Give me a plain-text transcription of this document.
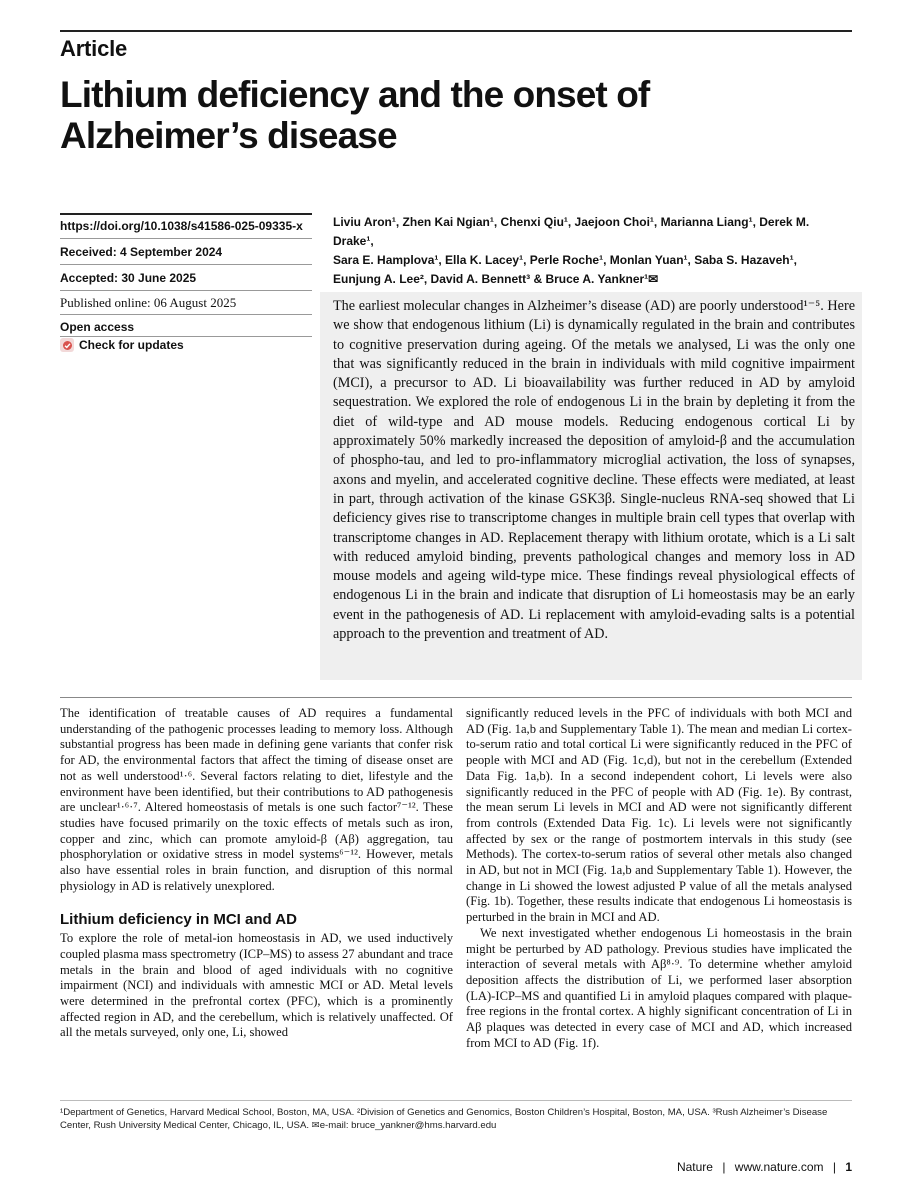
Article
Lithium deficiency and the onset of Alzheimer’s disease
https://doi.org/10.1038/s41586-025-09335-x
Received: 4 September 2024
Accepted: 30 June 2025
Published online: 06 August 2025
Open access
Check for updates
Liviu Aron¹, Zhen Kai Ngian¹, Chenxi Qiu¹, Jaejoon Choi¹, Marianna Liang¹, Derek M. Drake¹,
Sara E. Hamplova¹, Ella K. Lacey¹, Perle Roche¹, Monlan Yuan¹, Saba S. Hazaveh¹,
Eunjung A. Lee², David A. Bennett³ & Bruce A. Yankner¹✉
The earliest molecular changes in Alzheimer’s disease (AD) are poorly understood¹⁻⁵. Here we show that endogenous lithium (Li) is dynamically regulated in the brain and contributes to cognitive preservation during ageing. Of the metals we analysed, Li was the only one that was significantly reduced in the brain in individuals with mild cognitive impairment (MCI), a precursor to AD. Li bioavailability was further reduced in AD by amyloid sequestration. We explored the role of endogenous Li in the brain by depleting it from the diet of wild-type and AD mouse models. Reducing endogenous cortical Li by approximately 50% markedly increased the deposition of amyloid-β and the accumulation of phospho-tau, and led to pro-inflammatory microglial activation, the loss of synapses, axons and myelin, and accelerated cognitive decline. These effects were mediated, at least in part, through activation of the kinase GSK3β. Single-nucleus RNA-seq showed that Li deficiency gives rise to transcriptome changes in multiple brain cell types that overlap with transcriptome changes in AD. Replacement therapy with lithium orotate, which is a Li salt with reduced amyloid binding, prevents pathological changes and memory loss in AD mouse models and ageing wild-type mice. These findings reveal physiological effects of endogenous Li in the brain and indicate that disruption of Li homeostasis may be an early event in the pathogenesis of AD. Li replacement with amyloid-evading salts is a potential approach to the prevention and treatment of AD.

The identification of treatable causes of AD requires a fundamental understanding of the pathogenic processes leading to memory loss. Although substantial progress has been made in defining gene variants that confer risk for AD, the environmental factors that affect the timing of disease onset are not as well understood¹·⁶. Several factors relating to diet, lifestyle and the environment have been identified, but their contributions to AD pathogenesis are unclear¹·⁶·⁷. Altered homeostasis of metals is one such factor⁷⁻¹². These studies have focused primarily on the toxic effects of metals such as iron, copper and zinc, which can promote amyloid-β (Aβ) aggregation, tau phosphorylation or oxidative stress in model systems⁶⁻¹². However, metals also have essential roles in brain function, and disruption of this normal physiology in AD is relatively unexplored.

Lithium deficiency in MCI and AD

To explore the role of metal-ion homeostasis in AD, we used inductively coupled plasma mass spectrometry (ICP–MS) to assess 27 abundant and trace metals in the brain and blood of aged individuals with no cognitive impairment (NCI) and individuals with amnestic MCI or AD. Metal levels were determined in the prefrontal cortex (PFC), which is a prominently affected region in AD, and the cerebellum, which is relatively unaffected. Of all the metals surveyed, only one, Li, showed

significantly reduced levels in the PFC of individuals with both MCI and AD (Fig. 1a,b and Supplementary Table 1). The mean and median Li cortex-to-serum ratio and total cortical Li were significantly reduced in the PFC of people with MCI and AD (Fig. 1c,d), but not in the cerebellum (Extended Data Fig. 1a,b). In a second independent cohort, Li levels were also significantly reduced in the PFC of people with AD (Fig. 1e). By contrast, the mean serum Li levels in MCI and AD were not significantly different from controls (Extended Data Fig. 1c). Li levels were not significantly affected by sex or the range of postmortem intervals in this study (see Methods). The cortex-to-serum ratios of several other metals also changed in AD, but not in MCI (Fig. 1a,b and Supplementary Table 1). However, the change in Li showed the lowest adjusted P value of all the metals analysed (Fig. 1b). Together, these results indicate that endogenous Li homeostasis is perturbed in the brain in MCI and AD.

We next investigated whether endogenous Li homeostasis in the brain might be perturbed by AD pathology. Previous studies have implicated the interaction of several metals with Aβ⁸·⁹. To determine whether amyloid deposition affects the distribution of Li, we performed laser absorption (LA)-ICP–MS and quantified Li in amyloid plaques compared with plaque-free regions in the frontal cortex. A highly significant concentration of Li in Aβ plaques was detected in every case of MCI and AD, which increased from MCI to AD (Fig. 1f).

¹Department of Genetics, Harvard Medical School, Boston, MA, USA. ²Division of Genetics and Genomics, Boston Children’s Hospital, Boston, MA, USA. ³Rush Alzheimer’s Disease Center, Rush University Medical Center, Chicago, IL, USA. ✉e-mail: bruce_yankner@hms.harvard.edu
Nature | www.nature.com | 1
